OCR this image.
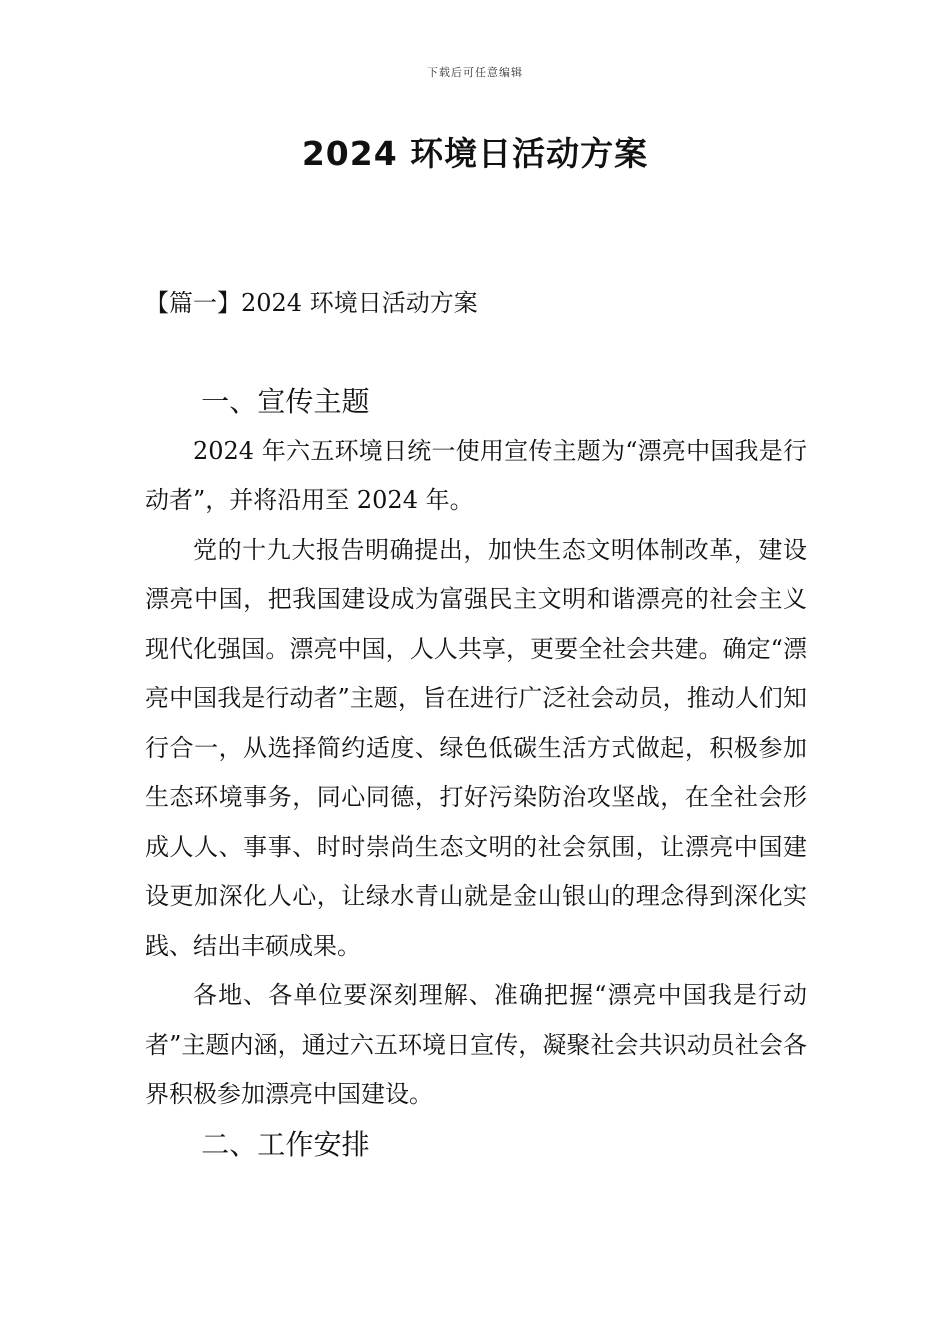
下载后可任意编辑
2024 环境日活动方案
【篇一】2024 环境日活动方案
一、宣传主题

2024 年六五环境日统一使用宣传主题为“漂亮中国我是行动者”，并将沿用至 2024 年。

党的十九大报告明确提出，加快生态文明体制改革，建设漂亮中国，把我国建设成为富强民主文明和谐漂亮的社会主义现代化强国。漂亮中国，人人共享，更要全社会共建。确定“漂亮中国我是行动者”主题，旨在进行广泛社会动员，推动人们知行合一，从选择简约适度、绿色低碳生活方式做起，积极参加生态环境事务，同心同德，打好污染防治攻坚战，在全社会形成人人、事事、时时崇尚生态文明的社会氛围，让漂亮中国建设更加深化人心，让绿水青山就是金山银山的理念得到深化实践、结出丰硕成果。

各地、各单位要深刻理解、准确把握“漂亮中国我是行动者”主题内涵，通过六五环境日宣传，凝聚社会共识动员社会各界积极参加漂亮中国建设。

二、工作安排
